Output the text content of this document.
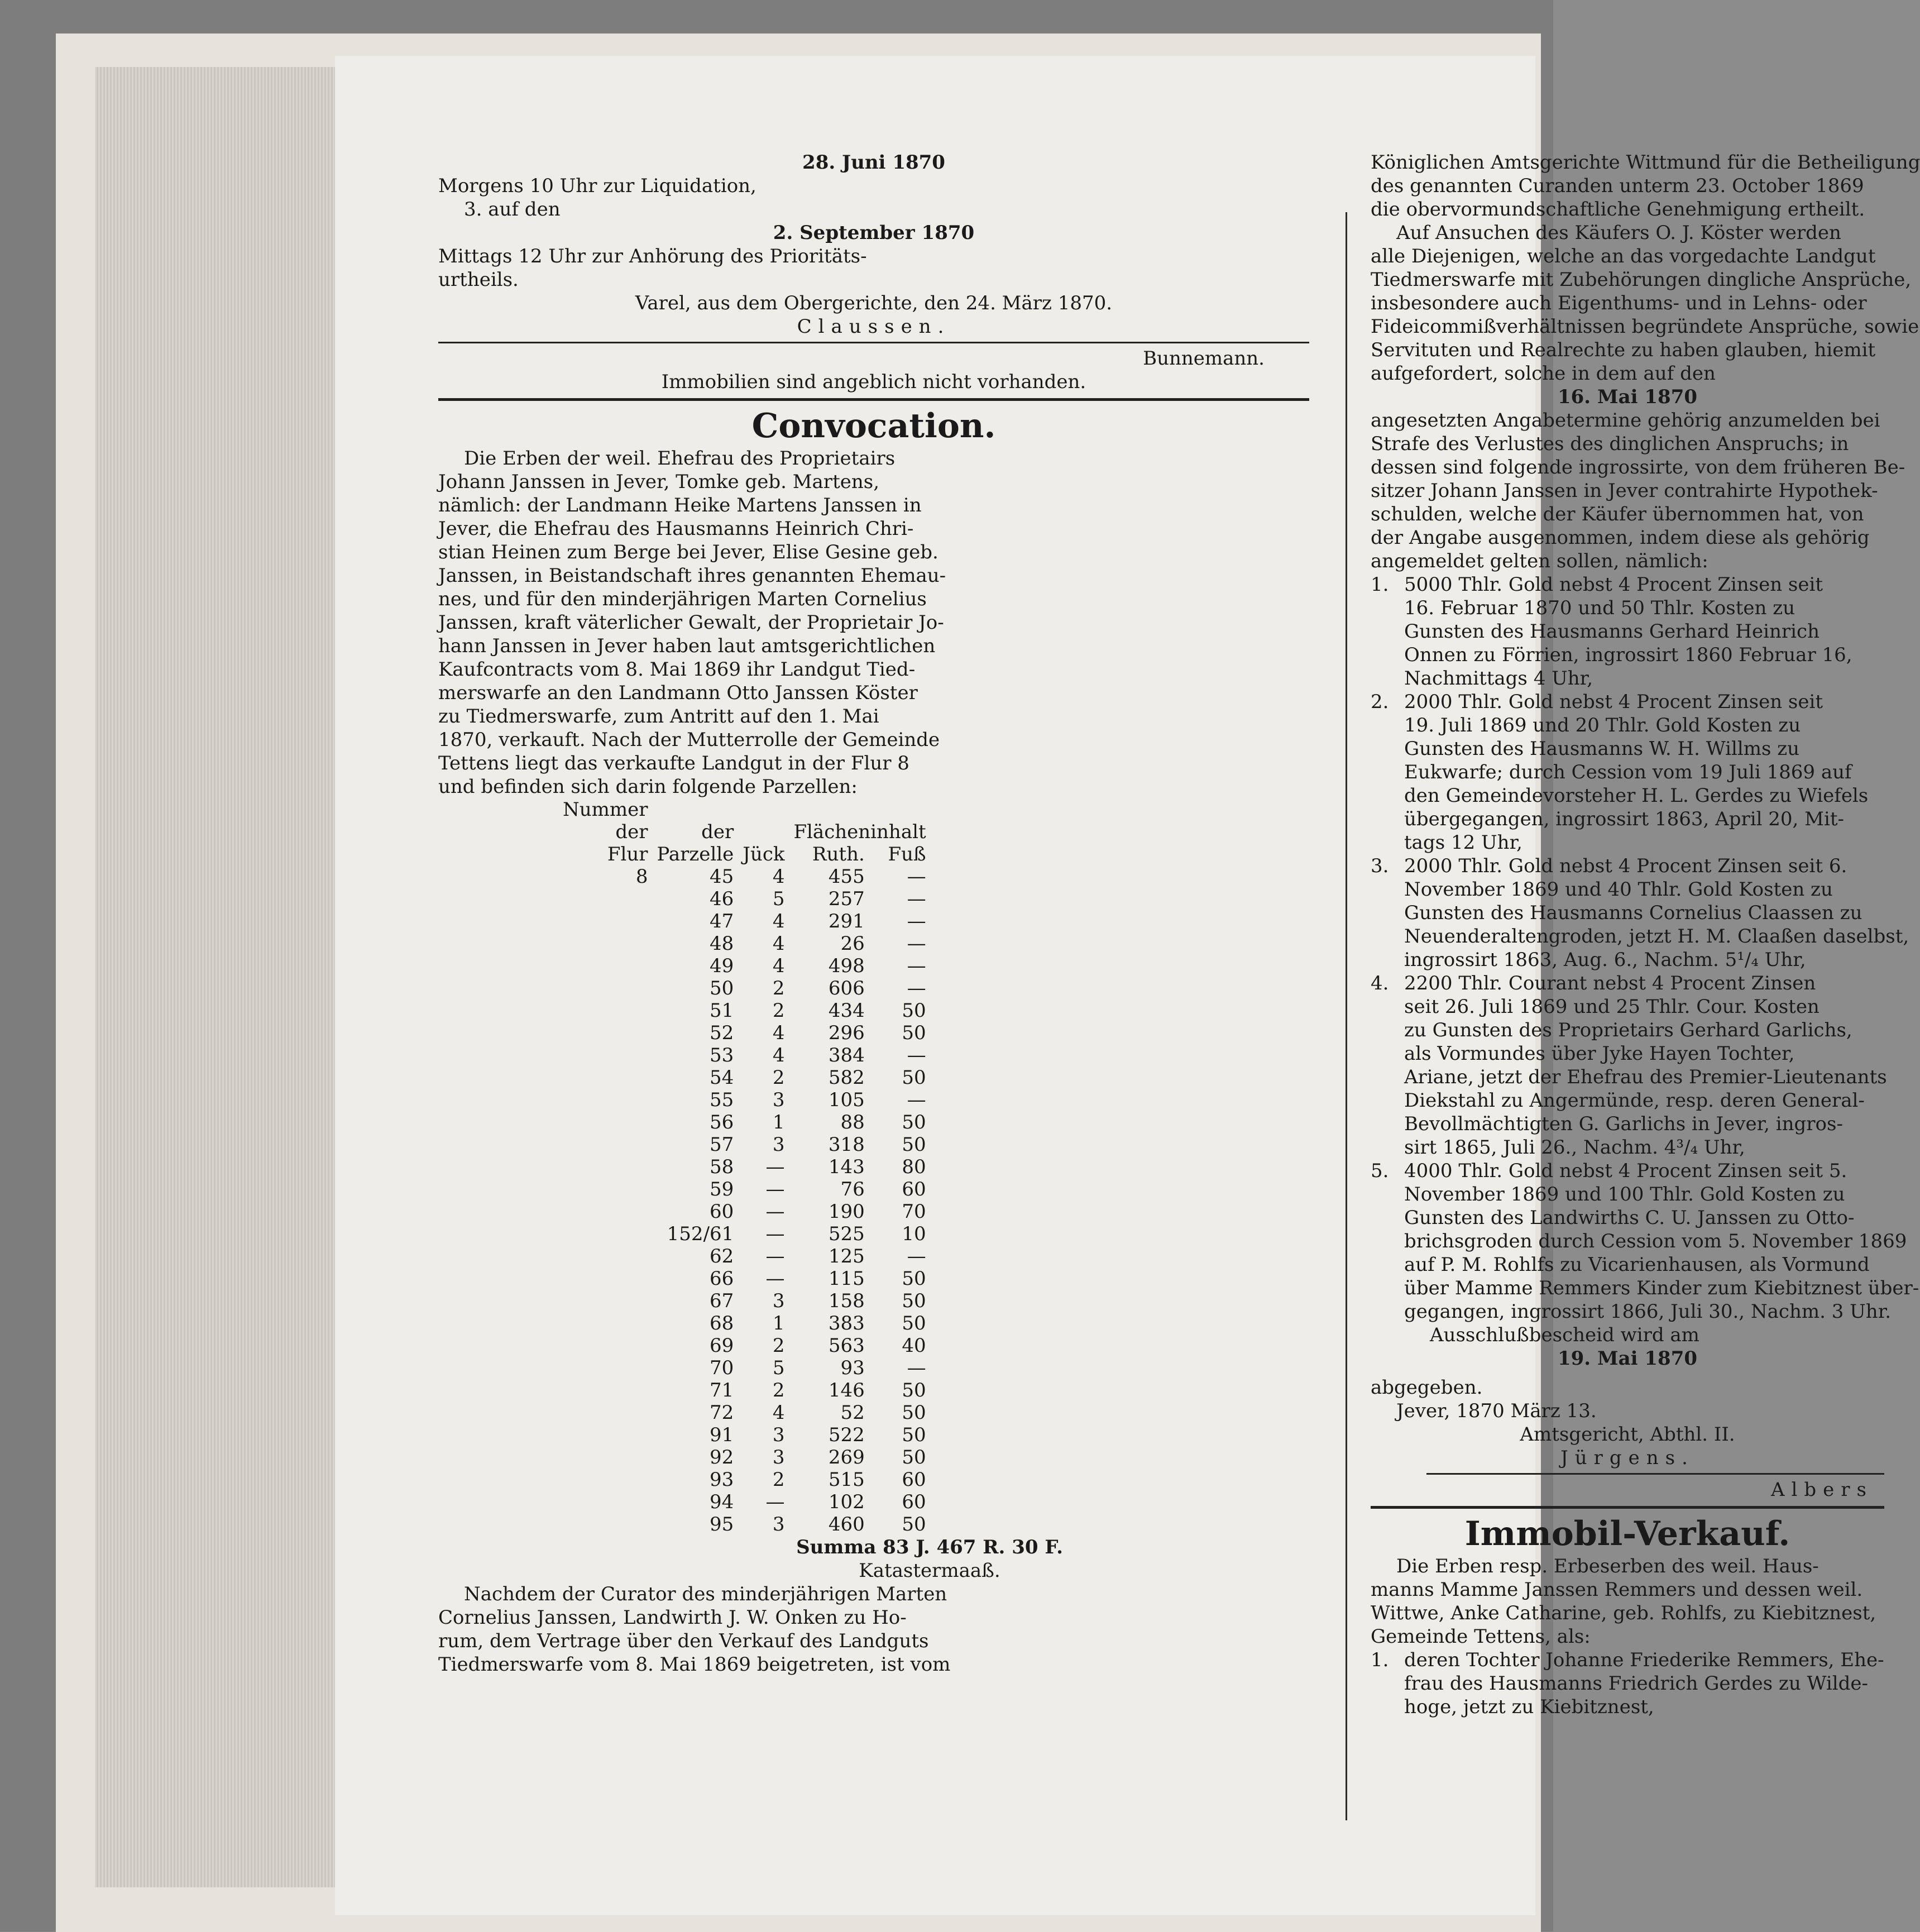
28. Juni 1870
Morgens 10 Uhr zur Liquidation,
3. auf den
2. September 1870
Mittags 12 Uhr zur Anhörung des Prioritäts-
urtheils.
Varel, aus dem Obergerichte, den 24. März 1870.
Claussen.
Bunnemann.
Immobilien sind angeblich nicht vorhanden.
Convocation.
Die Erben der weil. Ehefrau des Proprietairs
Johann Janssen in Jever, Tomke geb. Martens,
nämlich: der Landmann Heike Martens Janssen in
Jever, die Ehefrau des Hausmanns Heinrich Chri-
stian Heinen zum Berge bei Jever, Elise Gesine geb.
Janssen, in Beistandschaft ihres genannten Ehemau-
nes, und für den minderjährigen Marten Cornelius
Janssen, kraft väterlicher Gewalt, der Proprietair Jo-
hann Janssen in Jever haben laut amtsgerichtlichen
Kaufcontracts vom 8. Mai 1869 ihr Landgut Tied-
merswarfe an den Landmann Otto Janssen Köster
zu Tiedmerswarfe, zum Antritt auf den 1. Mai
1870, verkauft. Nach der Mutterrolle der Gemeinde
Tettens liegt das verkaufte Landgut in der Flur 8
und befinden sich darin folgende Parzellen:
Nummer				
der	der		Flächeninhalt	
Flur	Parzelle	Jück	Ruth.	Fuß
8	45	4	455	—
	46	5	257	—
	47	4	291	—
	48	4	26	—
	49	4	498	—
	50	2	606	—
	51	2	434	50
	52	4	296	50
	53	4	384	—
	54	2	582	50
	55	3	105	—
	56	1	88	50
	57	3	318	50
	58	—	143	80
	59	—	76	60
	60	—	190	70
	152/61	—	525	10
	62	—	125	—
	66	—	115	50
	67	3	158	50
	68	1	383	50
	69	2	563	40
	70	5	93	—
	71	2	146	50
	72	4	52	50
	91	3	522	50
	92	3	269	50
	93	2	515	60
	94	—	102	60
	95	3	460	50
Summa 83 J. 467 R. 30 F.
Katastermaaß.
Nachdem der Curator des minderjährigen Marten
Cornelius Janssen, Landwirth J. W. Onken zu Ho-
rum, dem Vertrage über den Verkauf des Landguts
Tiedmerswarfe vom 8. Mai 1869 beigetreten, ist vom
Königlichen Amtsgerichte Wittmund für die Betheiligung
des genannten Curanden unterm 23. October 1869
die obervormundschaftliche Genehmigung ertheilt.
Auf Ansuchen des Käufers O. J. Köster werden
alle Diejenigen, welche an das vorgedachte Landgut
Tiedmerswarfe mit Zubehörungen dingliche Ansprüche,
insbesondere auch Eigenthums- und in Lehns- oder
Fideicommißverhältnissen begründete Ansprüche, sowie
Servituten und Realrechte zu haben glauben, hiemit
aufgefordert, solche in dem auf den
16. Mai 1870
angesetzten Angabetermine gehörig anzumelden bei
Strafe des Verlustes des dinglichen Anspruchs; in
dessen sind folgende ingrossirte, von dem früheren Be-
sitzer Johann Janssen in Jever contrahirte Hypothek-
schulden, welche der Käufer übernommen hat, von
der Angabe ausgenommen, indem diese als gehörig
angemeldet gelten sollen, nämlich:
1. 5000 Thlr. Gold nebst 4 Procent Zinsen seit
16. Februar 1870 und 50 Thlr. Kosten zu
Gunsten des Hausmanns Gerhard Heinrich
Onnen zu Förrien, ingrossirt 1860 Februar 16,
Nachmittags 4 Uhr,
2. 2000 Thlr. Gold nebst 4 Procent Zinsen seit
19. Juli 1869 und 20 Thlr. Gold Kosten zu
Gunsten des Hausmanns W. H. Willms zu
Eukwarfe; durch Cession vom 19 Juli 1869 auf
den Gemeindevorsteher H. L. Gerdes zu Wiefels
übergegangen, ingrossirt 1863, April 20, Mit-
tags 12 Uhr,
3. 2000 Thlr. Gold nebst 4 Procent Zinsen seit 6.
November 1869 und 40 Thlr. Gold Kosten zu
Gunsten des Hausmanns Cornelius Claassen zu
Neuenderaltengroden, jetzt H. M. Claaßen daselbst,
ingrossirt 1863, Aug. 6., Nachm. 5¹/₄ Uhr,
4. 2200 Thlr. Courant nebst 4 Procent Zinsen
seit 26. Juli 1869 und 25 Thlr. Cour. Kosten
zu Gunsten des Proprietairs Gerhard Garlichs,
als Vormundes über Jyke Hayen Tochter,
Ariane, jetzt der Ehefrau des Premier-Lieutenants
Diekstahl zu Angermünde, resp. deren General-
Bevollmächtigten G. Garlichs in Jever, ingros-
sirt 1865, Juli 26., Nachm. 4³/₄ Uhr,
5. 4000 Thlr. Gold nebst 4 Procent Zinsen seit 5.
November 1869 und 100 Thlr. Gold Kosten zu
Gunsten des Landwirths C. U. Janssen zu Otto-
brichsgroden durch Cession vom 5. November 1869
auf P. M. Rohlfs zu Vicarienhausen, als Vormund
über Mamme Remmers Kinder zum Kiebitznest über-
gegangen, ingrossirt 1866, Juli 30., Nachm. 3 Uhr.
Ausschlußbescheid wird am
19. Mai 1870
abgegeben.
Jever, 1870 März 13.
Amtsgericht, Abthl. II.
Jürgens.
Albers
Immobil-Verkauf.
Die Erben resp. Erbeserben des weil. Haus-
manns Mamme Janssen Remmers und dessen weil.
Wittwe, Anke Catharine, geb. Rohlfs, zu Kiebitznest,
Gemeinde Tettens, als:
1. deren Tochter Johanne Friederike Remmers, Ehe-
frau des Hausmanns Friedrich Gerdes zu Wilde-
hoge, jetzt zu Kiebitznest,
